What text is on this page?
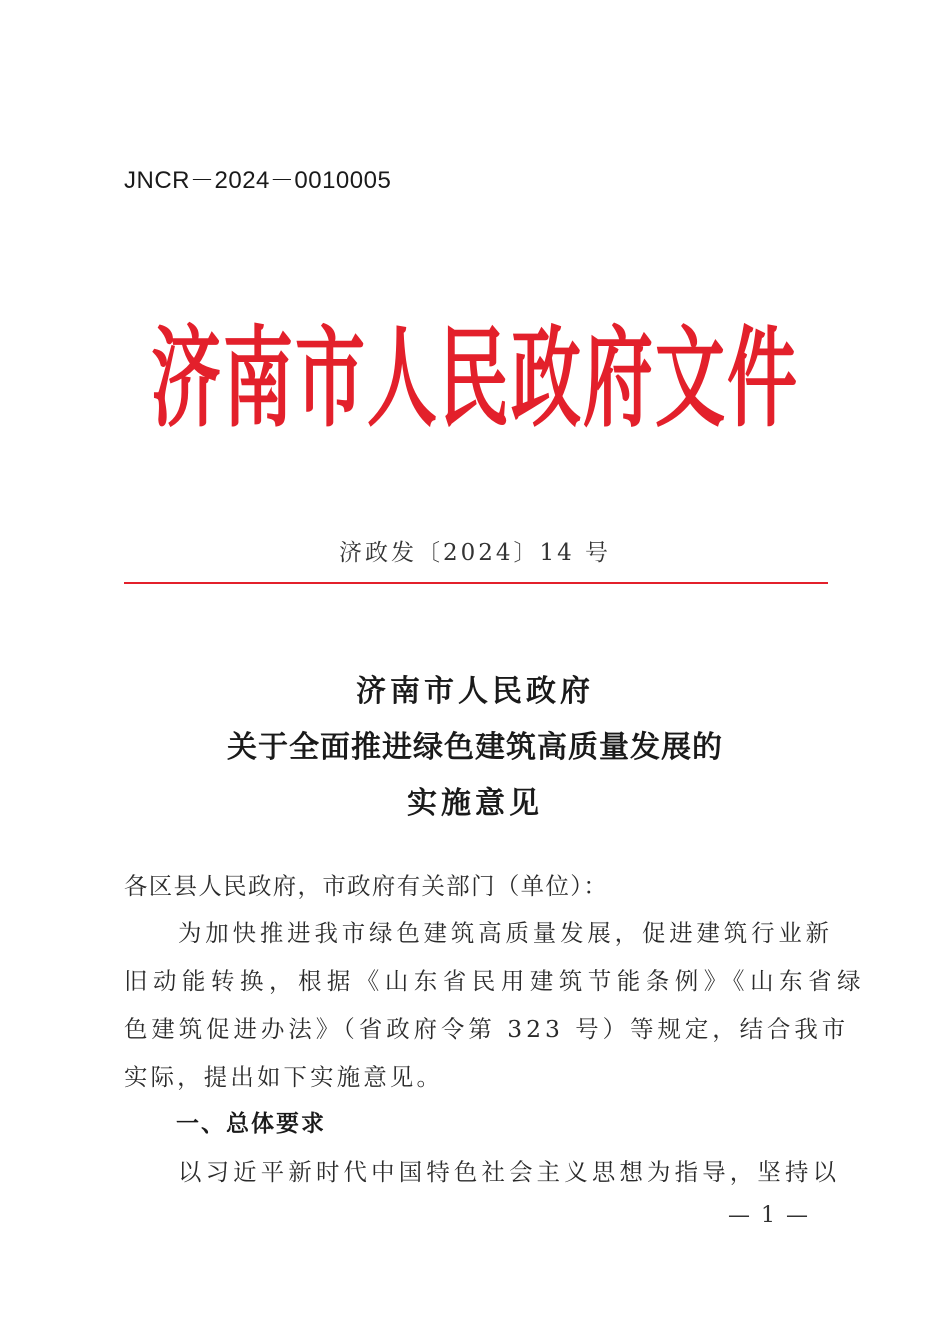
JNCR－2024－0010005
济南市人民政府文件
济政发〔2024〕14 号
济南市人民政府
关于全面推进绿色建筑高质量发展的
实施意见
各区县人民政府，市政府有关部门（单位）：
为加快推进我市绿色建筑高质量发展，促进建筑行业新
旧动能转换，根据《山东省民用建筑节能条例》《山东省绿
色建筑促进办法》（省政府令第 323 号）等规定，结合我市
实际，提出如下实施意见。
一、总体要求
以习近平新时代中国特色社会主义思想为指导，坚持以
— 1 —
